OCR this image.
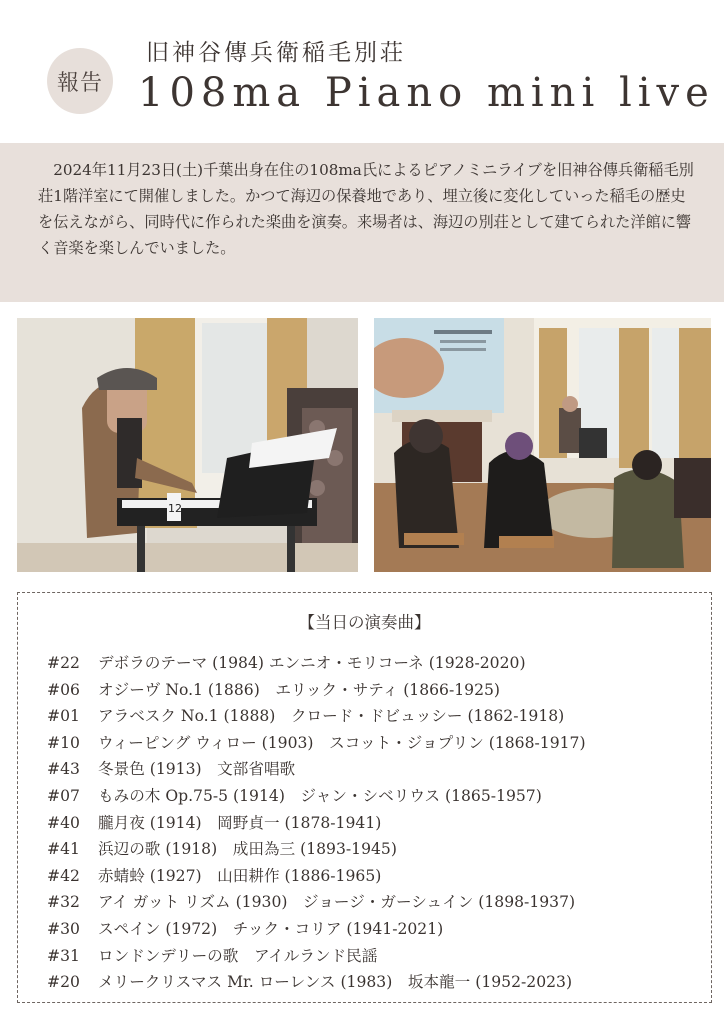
報告
旧神谷傳兵衛稲毛別荘
108ma Piano mini live

2024年11月23日(土)千葉出身在住の108ma氏によるピアノミニライブを旧神谷傳兵衛稲毛別荘1階洋室にて開催しました。かつて海辺の保養地であり、埋立後に変化していった稲毛の歴史を伝えながら、同時代に作られた楽曲を演奏。来場者は、海辺の別荘として建てられた洋館に響く音楽を楽しんでいました。

12
【当日の演奏曲】
#22	デボラのテーマ (1984) エンニオ・モリコーネ (1928-2020)
#06	オジーヴ No.1 (1886)　エリック・サティ (1866-1925)
#01	アラベスク No.1 (1888)　クロード・ドビュッシー (1862-1918)
#10	ウィーピング ウィロー (1903)　スコット・ジョプリン (1868-1917)
#43	冬景色 (1913)　文部省唱歌
#07	もみの木 Op.75-5 (1914)　ジャン・シベリウス (1865-1957)
#40	朧月夜 (1914)　岡野貞一 (1878-1941)
#41	浜辺の歌 (1918)　成田為三 (1893-1945)
#42	赤蜻蛉 (1927)　山田耕作 (1886-1965)
#32	アイ ガット リズム (1930)　ジョージ・ガーシュイン (1898-1937)
#30	スペイン (1972)　チック・コリア (1941-2021)
#31	ロンドンデリーの歌　アイルランド民謡
#20	メリークリスマス Mr. ローレンス (1983)　坂本龍一 (1952-2023)
